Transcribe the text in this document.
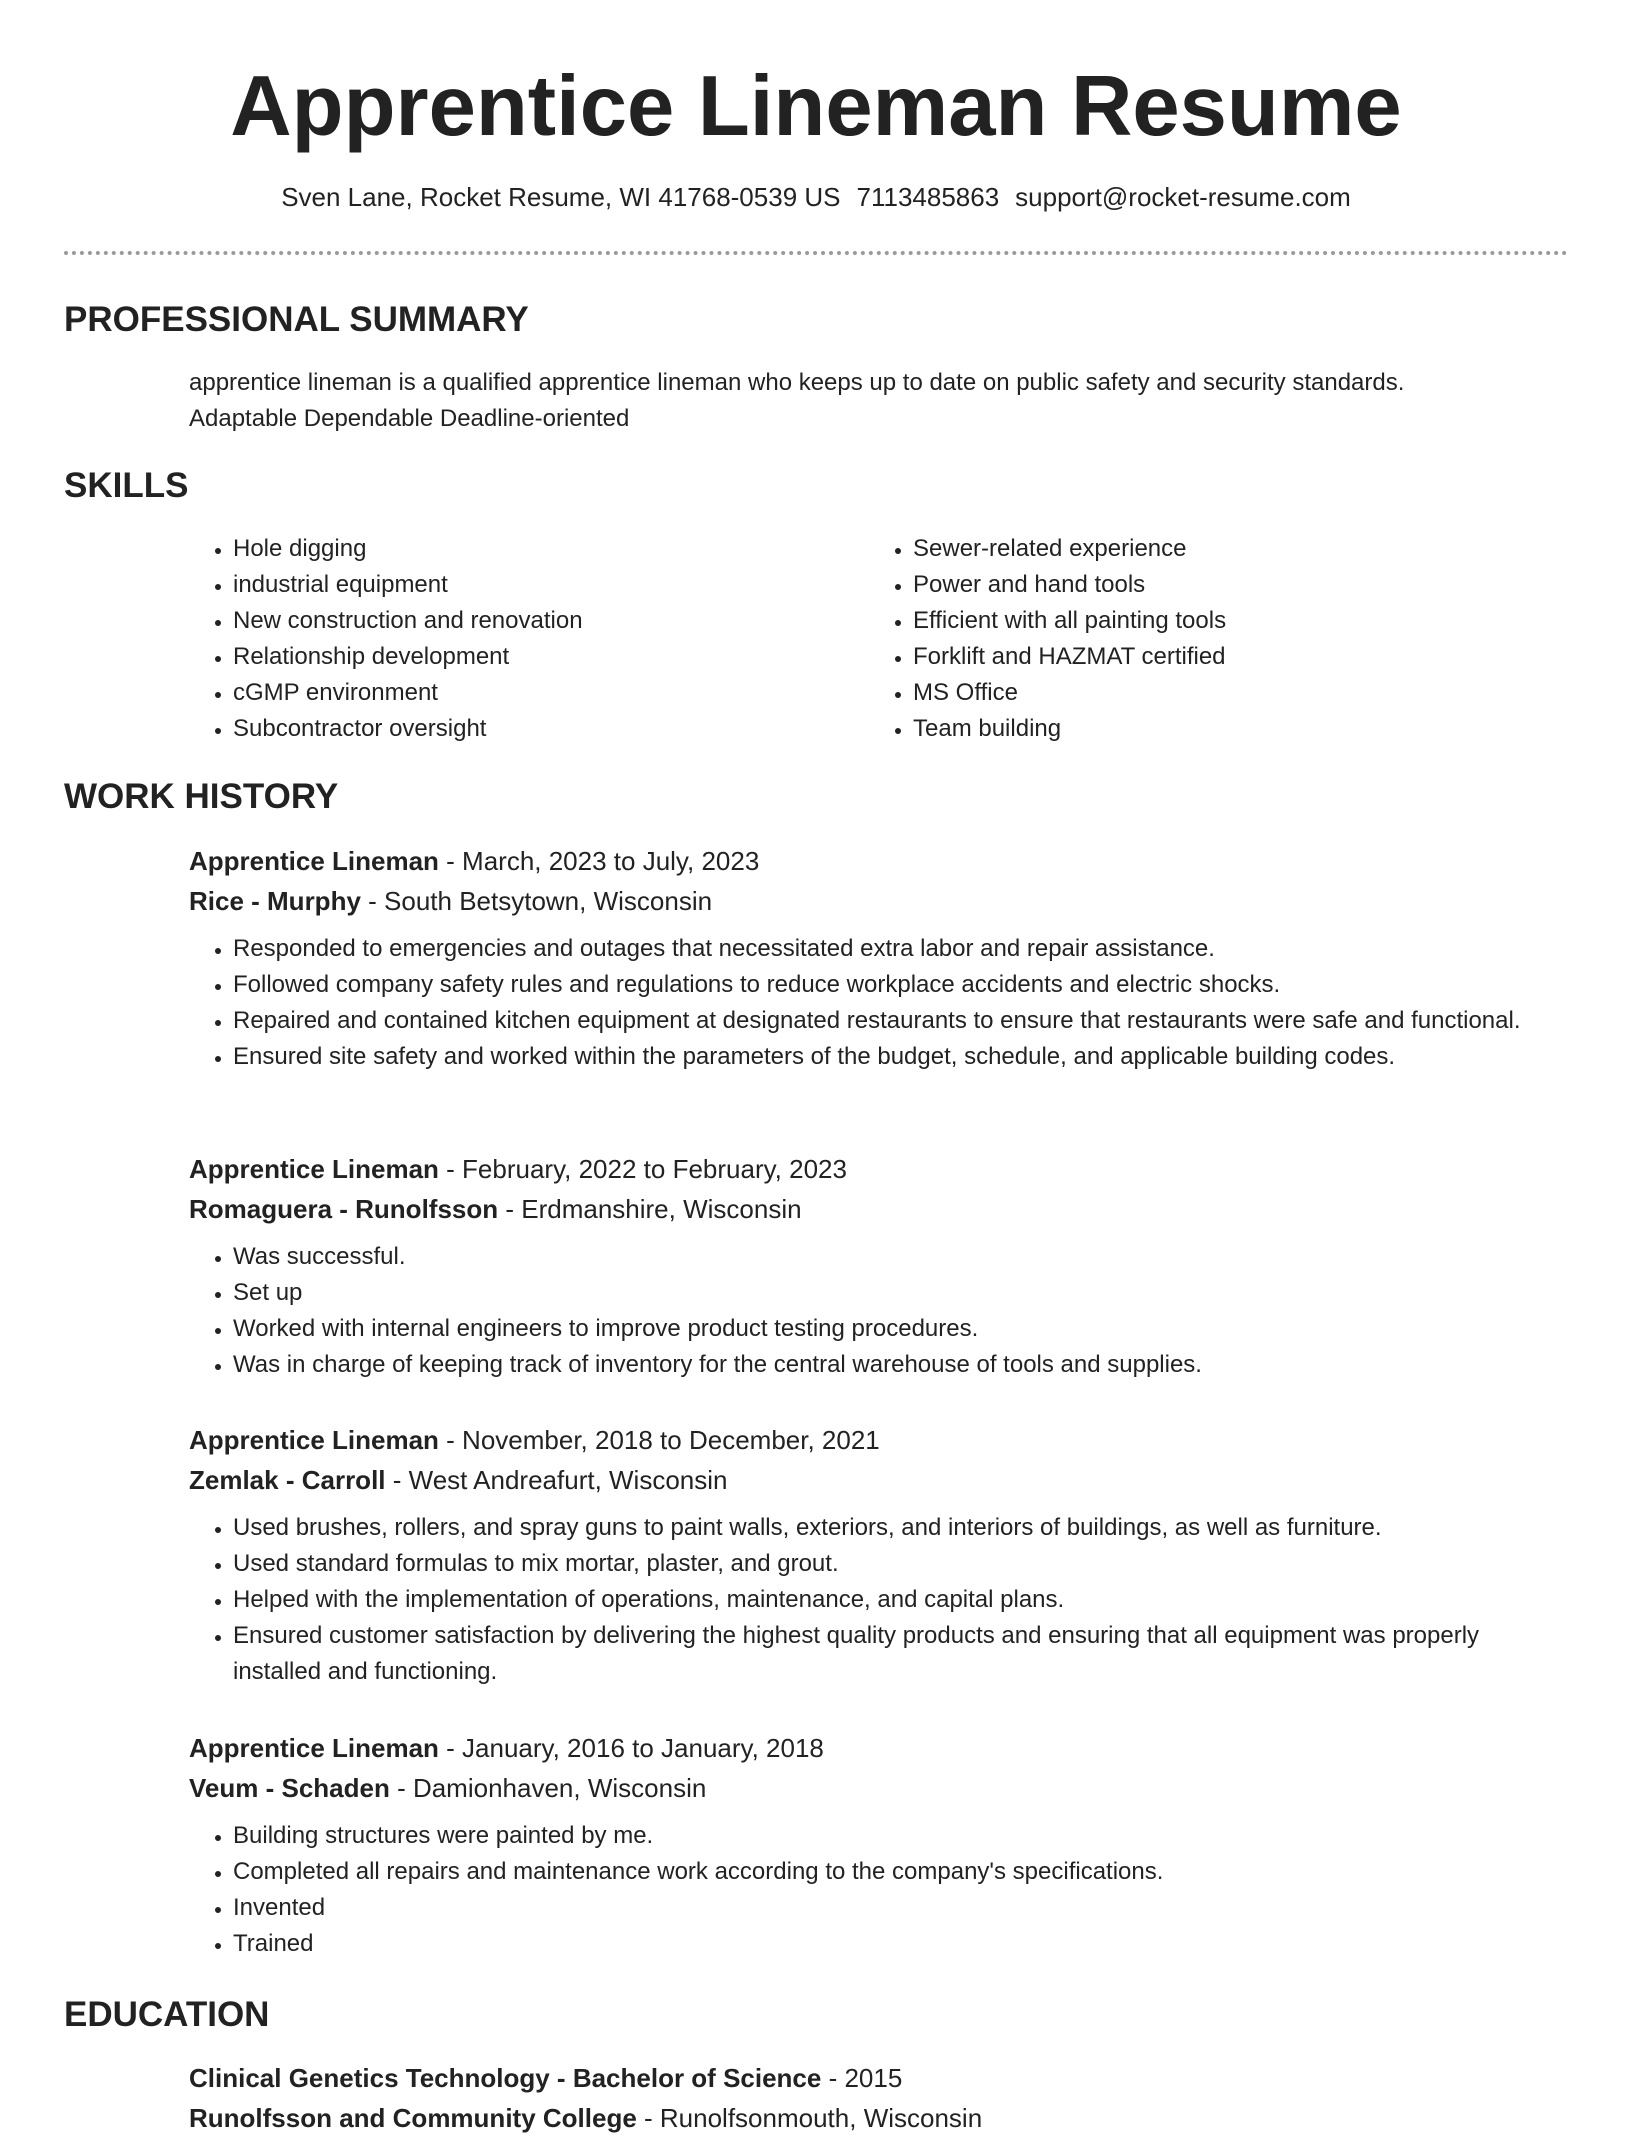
Apprentice Lineman Resume
Sven Lane, Rocket Resume, WI 41768-0539 US 7113485863 support@rocket-resume.com
PROFESSIONAL SUMMARY
apprentice lineman is a qualified apprentice lineman who keeps up to date on public safety and security standards.
Adaptable Dependable Deadline-oriented
SKILLS
• Hole digging
• industrial equipment
• New construction and renovation
• Relationship development
• cGMP environment
• Subcontractor oversight
• Sewer-related experience
• Power and hand tools
• Efficient with all painting tools
• Forklift and HAZMAT certified
• MS Office
• Team building
WORK HISTORY
Apprentice Lineman - March, 2023 to July, 2023
Rice - Murphy - South Betsytown, Wisconsin
• Responded to emergencies and outages that necessitated extra labor and repair assistance.
• Followed company safety rules and regulations to reduce workplace accidents and electric shocks.
• Repaired and contained kitchen equipment at designated restaurants to ensure that restaurants were safe and functional.
• Ensured site safety and worked within the parameters of the budget, schedule, and applicable building codes.
Apprentice Lineman - February, 2022 to February, 2023
Romaguera - Runolfsson - Erdmanshire, Wisconsin
• Was successful.
• Set up
• Worked with internal engineers to improve product testing procedures.
• Was in charge of keeping track of inventory for the central warehouse of tools and supplies.
Apprentice Lineman - November, 2018 to December, 2021
Zemlak - Carroll - West Andreafurt, Wisconsin
• Used brushes, rollers, and spray guns to paint walls, exteriors, and interiors of buildings, as well as furniture.
• Used standard formulas to mix mortar, plaster, and grout.
• Helped with the implementation of operations, maintenance, and capital plans.
• Ensured customer satisfaction by delivering the highest quality products and ensuring that all equipment was properly installed and functioning.
Apprentice Lineman - January, 2016 to January, 2018
Veum - Schaden - Damionhaven, Wisconsin
• Building structures were painted by me.
• Completed all repairs and maintenance work according to the company's specifications.
• Invented
• Trained
EDUCATION
Clinical Genetics Technology - Bachelor of Science - 2015
Runolfsson and Community College - Runolfsonmouth, Wisconsin
